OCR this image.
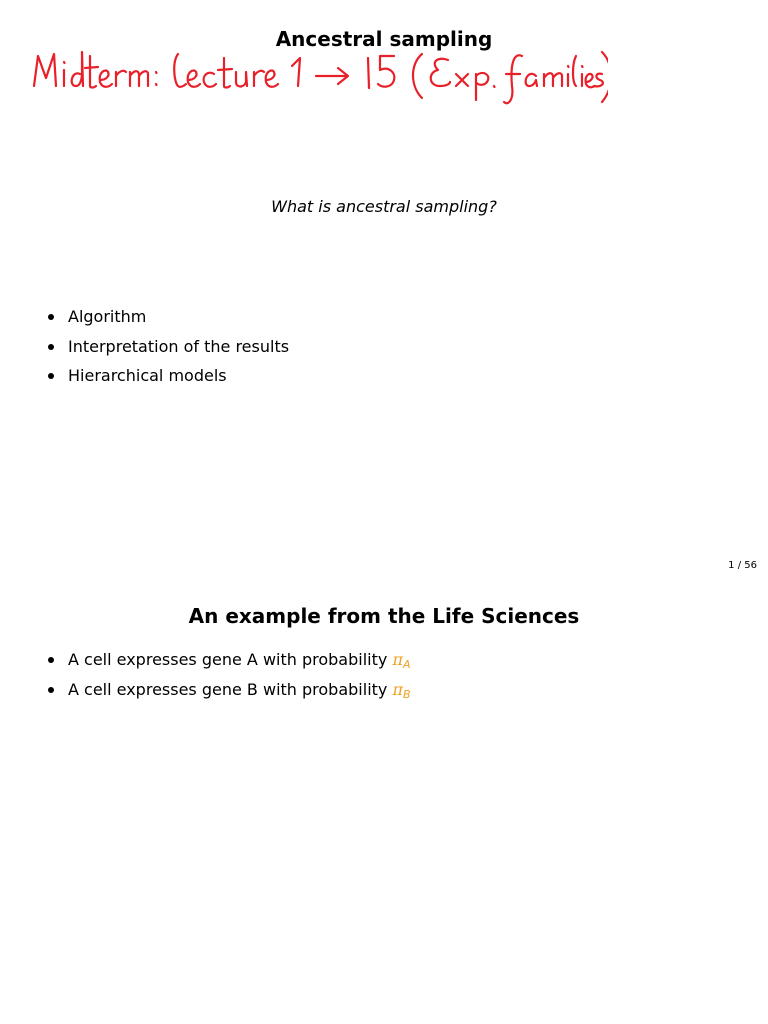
Ancestral sampling
What is ancestral sampling?
Algorithm
Interpretation of the results
Hierarchical models
1 / 56
An example from the Life Sciences
A cell expresses gene A with probability $\pi_A$
A cell expresses gene B with probability $\pi_B$
